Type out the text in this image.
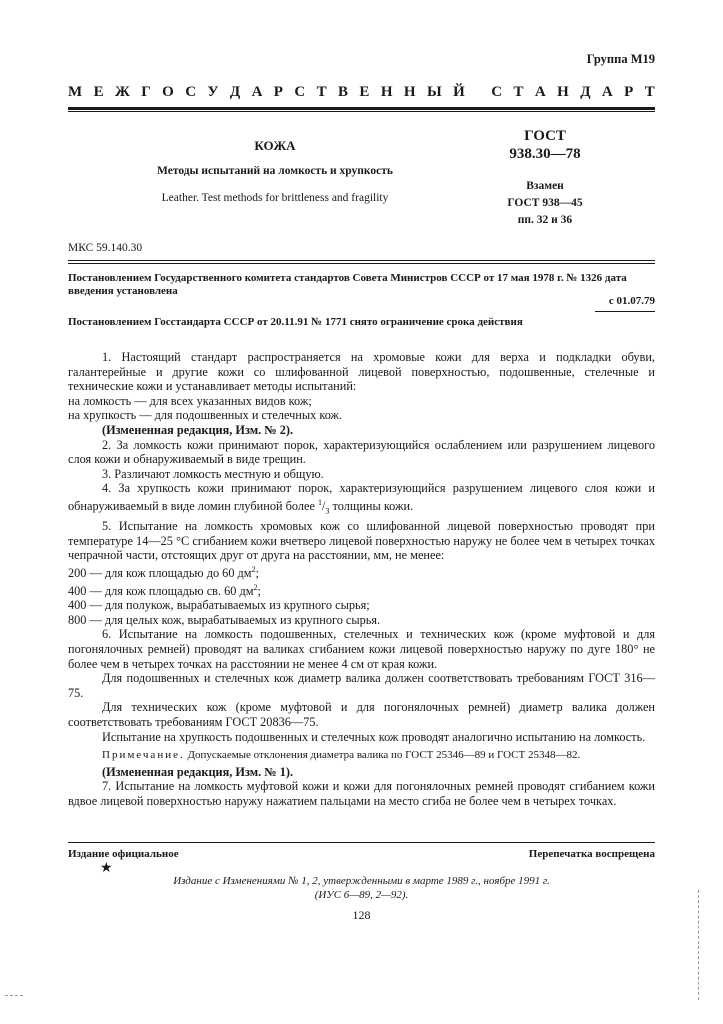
Группа М19
М Е Ж Г О С У Д А Р С Т В Е Н Н Ы Й
С Т А Н Д А Р Т
КОЖА
Методы испытаний на ломкость и хрупкость
Leather. Test methods for brittleness and fragility
ГОСТ
938.30—78
Взамен
ГОСТ 938—45
пп. 32 и 36
МКС 59.140.30
Постановлением Государственного комитета стандартов Совета Министров СССР от 17 мая 1978 г. № 1326 дата введения установлена
с 01.07.79
Постановлением Госстандарта СССР от 20.11.91 № 1771 снято ограничение срока действия

1. Настоящий стандарт распространяется на хромовые кожи для верха и подкладки обуви, галантерейные и другие кожи со шлифованной лицевой поверхностью, подошвенные, стелечные и технические кожи и устанавливает методы испытаний:

на ломкость — для всех указанных видов кож;

на хрупкость — для подошвенных и стелечных кож.

(Измененная редакция, Изм. № 2).

2. За ломкость кожи принимают порок, характеризующийся ослаблением или разрушением лицевого слоя кожи и обнаруживаемый в виде трещин.

3. Различают ломкость местную и общую.

4. За хрупкость кожи принимают порок, характеризующийся разрушением лицевого слоя кожи и обнаруживаемый в виде ломин глубиной более $^1/_3$ толщины кожи.

5. Испытание на ломкость хромовых кож со шлифованной лицевой поверхностью проводят при температуре 14—25 °С сгибанием кожи вчетверо лицевой поверхностью наружу не более чем в четырех точках чепрачной части, отстоящих друг от друга на расстоянии, мм, не менее:

200 — для кож площадью до 60 $дм^2$;

400 — для кож площадью св. 60 $дм^2$;

400 — для полукож, вырабатываемых из крупного сырья;

800 — для целых кож, вырабатываемых из крупного сырья.

6. Испытание на ломкость подошвенных, стелечных и технических кож (кроме муфтовой и для погонялочных ремней) проводят на валиках сгибанием кожи лицевой поверхностью наружу по дуге 180° не более чем в четырех точках на расстоянии не менее 4 см от края кожи.

Для подошвенных и стелечных кож диаметр валика должен соответствовать требованиям ГОСТ 316—75.

Для технических кож (кроме муфтовой и для погонялочных ремней) диаметр валика должен соответствовать требованиям ГОСТ 20836—75.

Испытание на хрупкость подошвенных и стелечных кож проводят аналогично испытанию на ломкость.

Примечание. Допускаемые отклонения диаметра валика по ГОСТ 25346—89 и ГОСТ 25348—82.

(Измененная редакция, Изм. № 1).

7. Испытание на ломкость муфтовой кожи и кожи для погонялочных ремней проводят сгибанием кожи вдвое лицевой поверхностью наружу нажатием пальцами на место сгиба не более чем в четырех точках.

Издание официальное	Перепечатка воспрещена
★
Издание с Изменениями № 1, 2, утвержденными в марте 1989 г., ноябре 1991 г.
(ИУС 6—89, 2—92).
128
